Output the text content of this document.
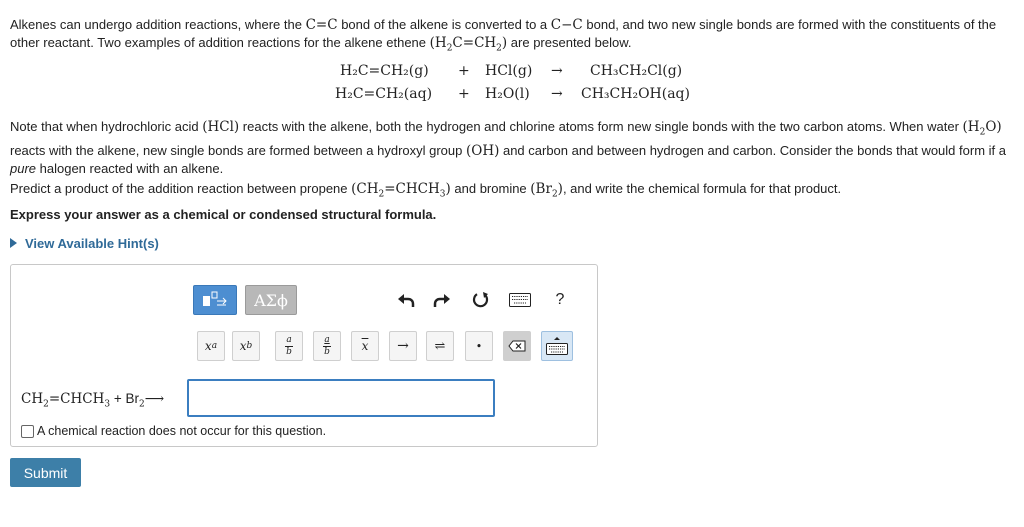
Alkenes can undergo addition reactions, where the C=C bond of the alkene is converted to a C−C bond, and two new single bonds are formed with the constituents of the other reactant. Two examples of addition reactions for the alkene ethene $(H_2C=CH_2)$ are presented below.
H₂C=CH₂(g) + HCl(g) → CH₃CH₂Cl(g)
H₂C=CH₂(aq) + H₂O(l) → CH₃CH₂OH(aq)
Note that when hydrochloric acid (HCl) reacts with the alkene, both the hydrogen and chlorine atoms form new single bonds with the two carbon atoms. When water $(H_2O)$ reacts with the alkene, new single bonds are formed between a hydroxyl group (OH) and carbon and between hydrogen and carbon. Consider the bonds that would form if a pure halogen reacted with an alkene.
Predict a product of the addition reaction between propene $(CH_2=CHCH_3)$ and bromine $(Br_2)$, and write the chemical formula for that product.
Express your answer as a chemical or condensed structural formula.
View Available Hint(s)
ΑΣϕ	?
x a x b	$\frac{a}{b}$	$\frac{a}{b}$	$\overline{x}$	→	⇌	•
$CH_2=CHCH_3$ + $Br_2⟶$
A chemical reaction does not occur for this question.
Submit
